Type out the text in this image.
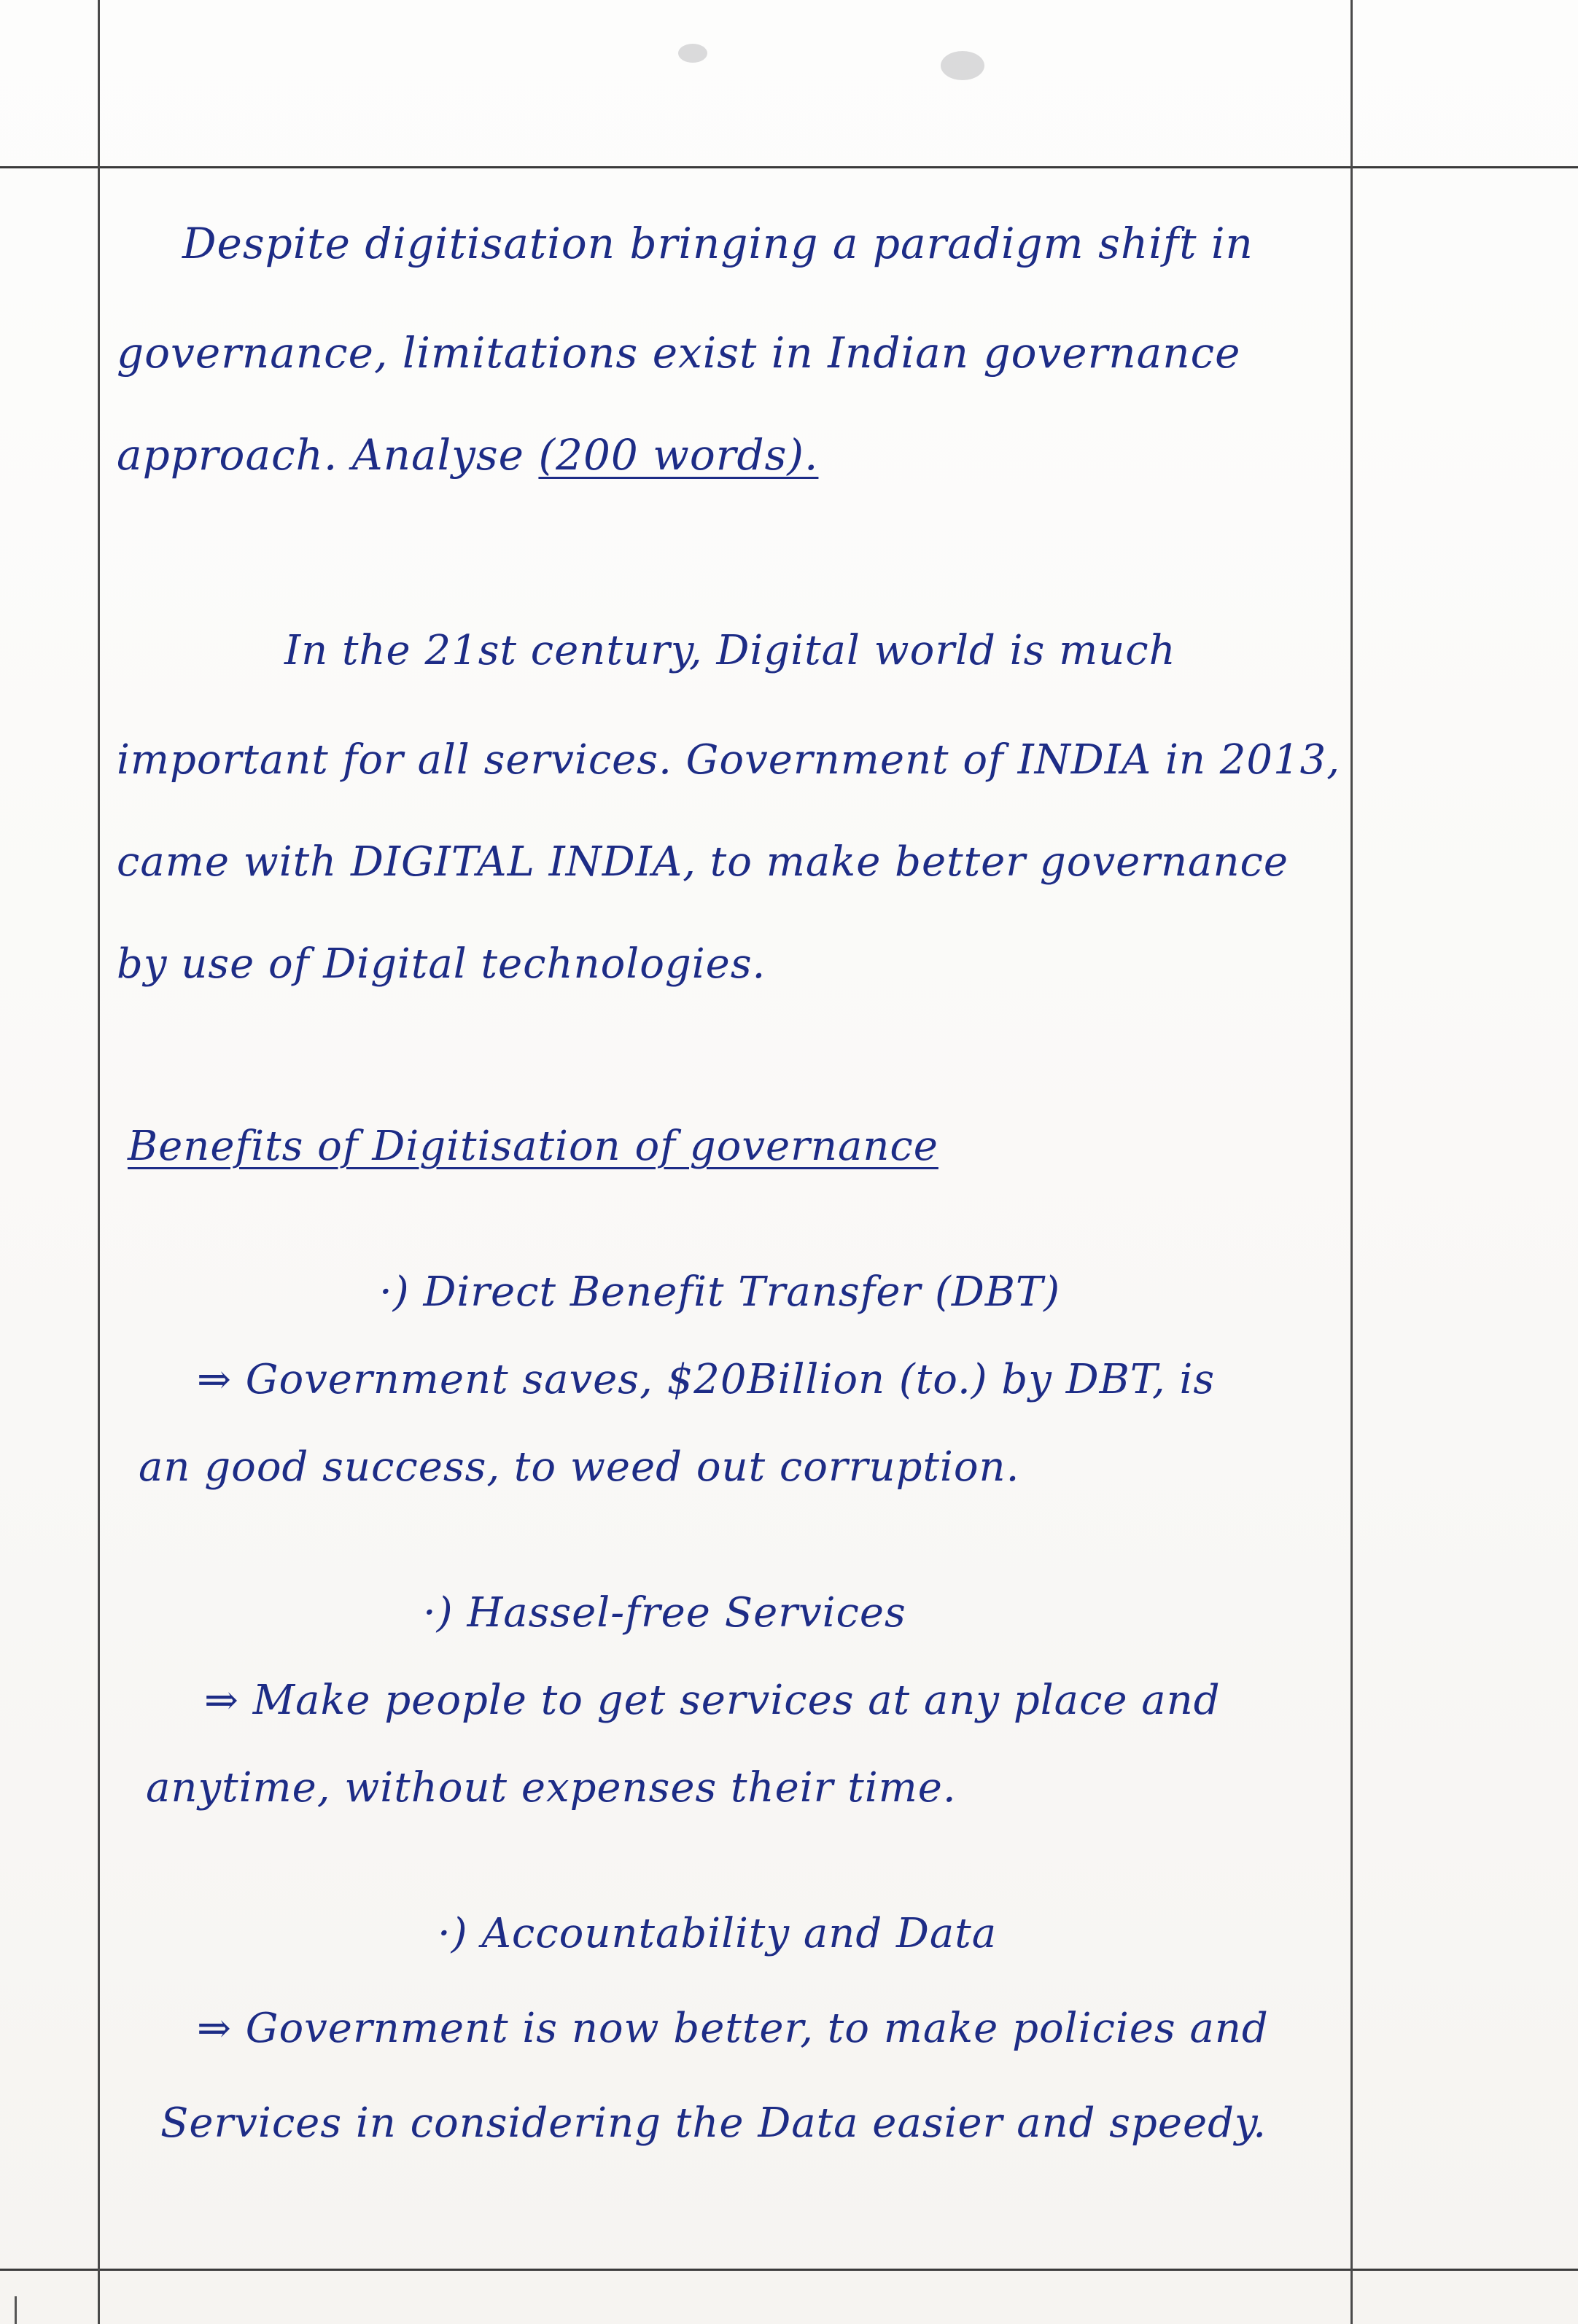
Despite digitisation bringing a paradigm shift in
governance, limitations exist in Indian governance
approach. Analyse (200 words).
In the 21st century, Digital world is much
important for all services. Government of INDIA in 2013,
came with DIGITAL INDIA, to make better governance
by use of Digital technologies.
Benefits of Digitisation of governance
·) Direct Benefit Transfer (DBT)
⇒ Government saves, $20Billion (to.) by DBT, is
an good success, to weed out corruption.
·) Hassel-free Services
⇒ Make people to get services at any place and
anytime, without expenses their time.
·) Accountability and Data
⇒ Government is now better, to make policies and
Services in considering the Data easier and speedy.
